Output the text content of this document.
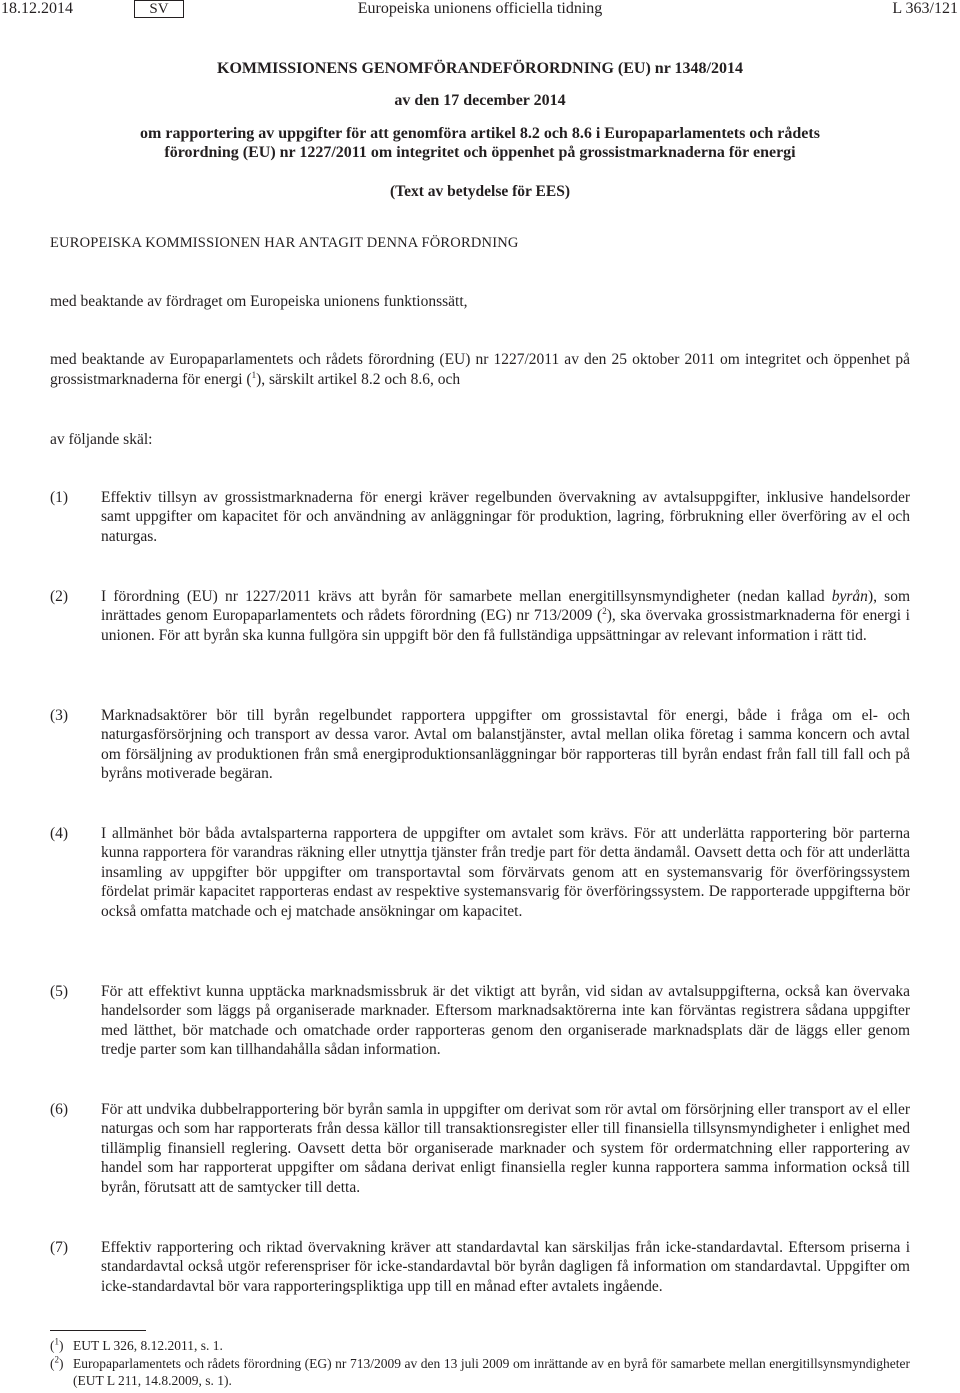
Europeiska unionens officiella tidning
18.12.2014	SV	L 363/121
KOMMISSIONENS GENOMFÖRANDEFÖRORDNING (EU) nr 1348/2014
av den 17 december 2014
om rapportering av uppgifter för att genomföra artikel 8.2 och 8.6 i Europaparlamentets och rådets
förordning (EU) nr 1227/2011 om integritet och öppenhet på grossistmarknaderna för energi
(Text av betydelse för EES)
EUROPEISKA KOMMISSIONEN HAR ANTAGIT DENNA FÖRORDNING
med beaktande av fördraget om Europeiska unionens funktionssätt,
med beaktande av Europaparlamentets och rådets förordning (EU) nr 1227/2011 av den 25 oktober 2011 om integritet och öppenhet på grossistmarknaderna för energi ($^1$), särskilt artikel 8.2 och 8.6, och
av följande skäl:
(1) Effektiv tillsyn av grossistmarknaderna för energi kräver regelbunden övervakning av avtalsuppgifter, inklusive handelsorder samt uppgifter om kapacitet för och användning av anläggningar för produktion, lagring, förbrukning eller överföring av el och naturgas.
(2) I förordning (EU) nr 1227/2011 krävs att byrån för samarbete mellan energitillsynsmyndigheter (nedan kallad byrån), som inrättades genom Europaparlamentets och rådets förordning (EG) nr 713/2009 ($^2$), ska övervaka grossistmarknaderna för energi i unionen. För att byrån ska kunna fullgöra sin uppgift bör den få fullständiga uppsättningar av relevant information i rätt tid.
(3) Marknadsaktörer bör till byrån regelbundet rapportera uppgifter om grossistavtal för energi, både i fråga om el- och naturgasförsörjning och transport av dessa varor. Avtal om balanstjänster, avtal mellan olika företag i samma koncern och avtal om försäljning av produktionen från små energiproduktionsanläggningar bör rapporteras till byrån endast från fall till fall och på byråns motiverade begäran.
(4) I allmänhet bör båda avtalsparterna rapportera de uppgifter om avtalet som krävs. För att underlätta rapportering bör parterna kunna rapportera för varandras räkning eller utnyttja tjänster från tredje part för detta ändamål. Oavsett detta och för att underlätta insamling av uppgifter bör uppgifter om transportavtal som förvärvats genom att en systemansvarig för överföringssystem fördelat primär kapacitet rapporteras endast av respektive systemansvarig för överföringssystem. De rapporterade uppgifterna bör också omfatta matchade och ej matchade ansökningar om kapacitet.
(5) För att effektivt kunna upptäcka marknadsmissbruk är det viktigt att byrån, vid sidan av avtalsuppgifterna, också kan övervaka handelsorder som läggs på organiserade marknader. Eftersom marknadsaktörerna inte kan förväntas registrera sådana uppgifter med lätthet, bör matchade och omatchade order rapporteras genom den organiserade marknadsplats där de läggs eller genom tredje parter som kan tillhandahålla sådan information.
(6) För att undvika dubbelrapportering bör byrån samla in uppgifter om derivat som rör avtal om försörjning eller transport av el eller naturgas och som har rapporterats från dessa källor till transaktionsregister eller till finansiella tillsynsmyndigheter i enlighet med tillämplig finansiell reglering. Oavsett detta bör organiserade marknader och system för ordermatchning eller rapportering av handel som har rapporterat uppgifter om sådana derivat enligt finansiella regler kunna rapportera samma information också till byrån, förutsatt att de samtycker till detta.
(7) Effektiv rapportering och riktad övervakning kräver att standardavtal kan särskiljas från icke-standardavtal. Eftersom priserna i standardavtal också utgör referenspriser för icke-standardavtal bör byrån dagligen få information om standardavtal. Uppgifter om icke-standardavtal bör vara rapporteringspliktiga upp till en månad efter avtalets ingående.
($^1$) EUT L 326, 8.12.2011, s. 1.
($^2$) Europaparlamentets och rådets förordning (EG) nr 713/2009 av den 13 juli 2009 om inrättande av en byrå för samarbete mellan energitillsynsmyndigheter (EUT L 211, 14.8.2009, s. 1).
